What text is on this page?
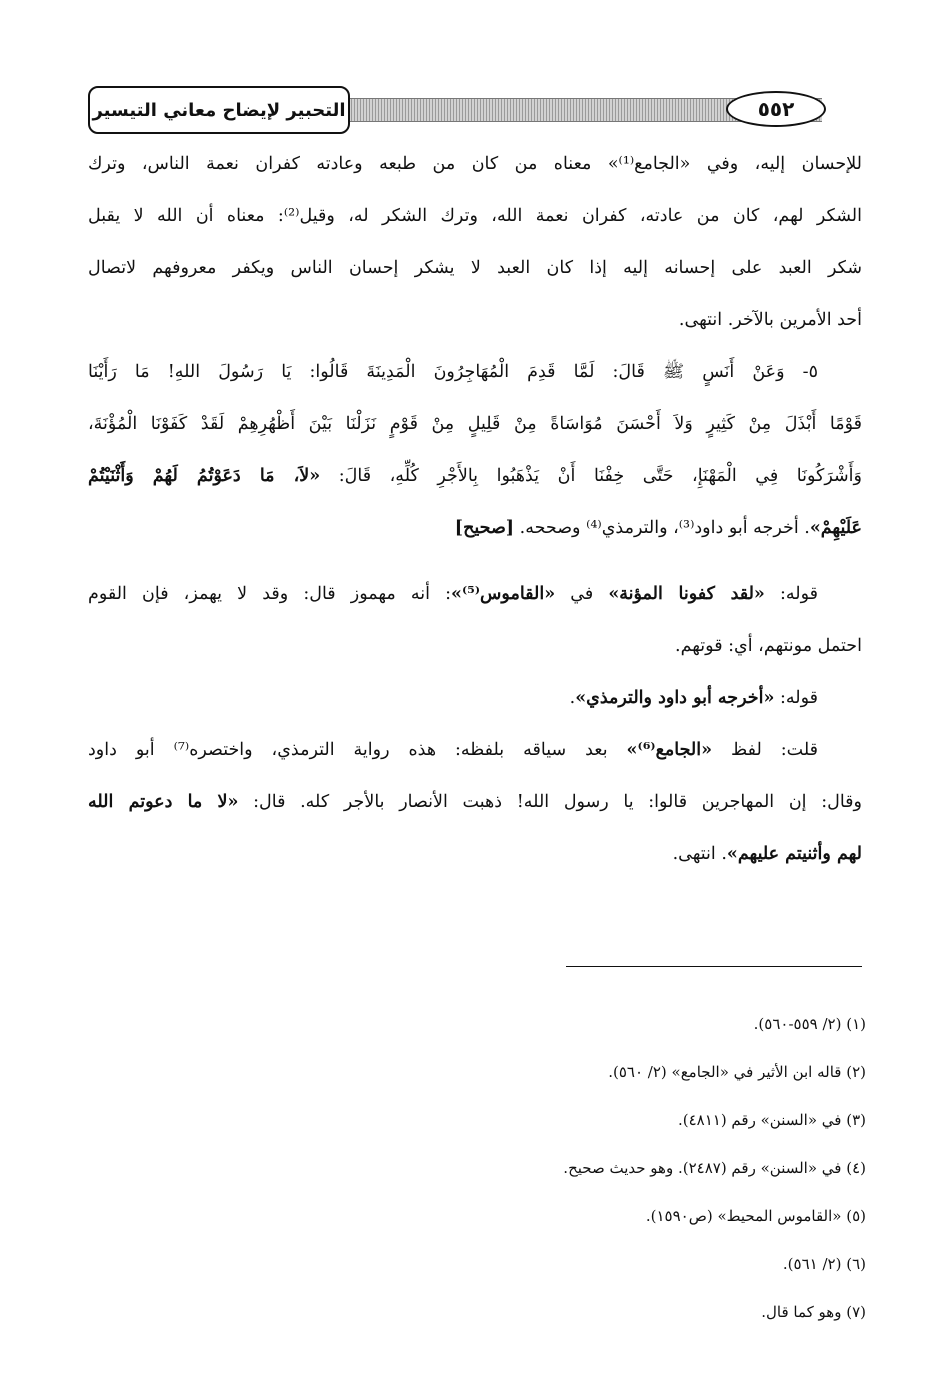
التحبير لإيضاح معاني التيسير	٥٥٢
للإحسان إليه، وفي «الجامع⁽¹⁾» معناه من كان من طبعه وعادته كفران نعمة الناس، وترك
الشكر لهم، كان من عادته، كفران نعمة الله، وترك الشكر له، وقيل⁽²⁾: معناه أن الله لا يقبل
شكر العبد على إحسانه إليه إذا كان العبد لا يشكر إحسان الناس ويكفر معروفهم لاتصال
أحد الأمرين بالآخر. انتهى.
٥- وَعَنْ أَنَسٍ ﷺ قَالَ: لَمَّا قَدِمَ الْمُهَاجِرُونَ الْمَدِينَةَ قَالُوا: يَا رَسُولَ اللهِ! مَا رَأَيْنَا
قَوْمًا أَبْذَلَ مِنْ كَثِيرٍ وَلاَ أَحْسَنَ مُوَاسَاةً مِنْ قَلِيلٍ مِنْ قَوْمٍ نَزَلْنَا بَيْنَ أَظْهُرِهِمْ لَقَدْ كَفَوْنَا الْمُؤْنَةَ،
وَأَشْرَكُونَا فِي الْمَهْنَإِ، حَتَّى خِفْنَا أَنْ يَذْهَبُوا بِالأَجْرِ كُلِّهِ، قَالَ: «لاَ، مَا دَعَوْتُمُ لَهُمْ وَأَثْنَيْتُمْ
عَلَيْهِمْ». أخرجه أبو داود⁽³⁾، والترمذي⁽⁴⁾ وصححه. [صحيح]
قوله: «لقد كفونا المؤنة» في «القاموس⁽⁵⁾»: أنه مهموز قال: وقد لا يهمز، فإن القوم
احتمل مونتهم، أي: قوتهم.
قوله: «أخرجه أبو داود والترمذي».
قلت: لفظ «الجامع⁽⁶⁾» بعد سياقه بلفظه: هذه رواية الترمذي، واختصره⁽⁷⁾ أبو داود
وقال: إن المهاجرين قالوا: يا رسول الله! ذهبت الأنصار بالأجر كله. قال: «لا ما دعوتم الله
لهم وأثنيتم عليهم». انتهى.
(١) (٢/ ٥٥٩-٥٦٠).
(٢) قاله ابن الأثير في «الجامع» (٢/ ٥٦٠).
(٣) في «السنن» رقم (٤٨١١).
(٤) في «السنن» رقم (٢٤٨٧). وهو حديث صحيح.
(٥) «القاموس المحيط» (ص١٥٩٠).
(٦) (٢/ ٥٦١).
(٧) وهو كما قال.
